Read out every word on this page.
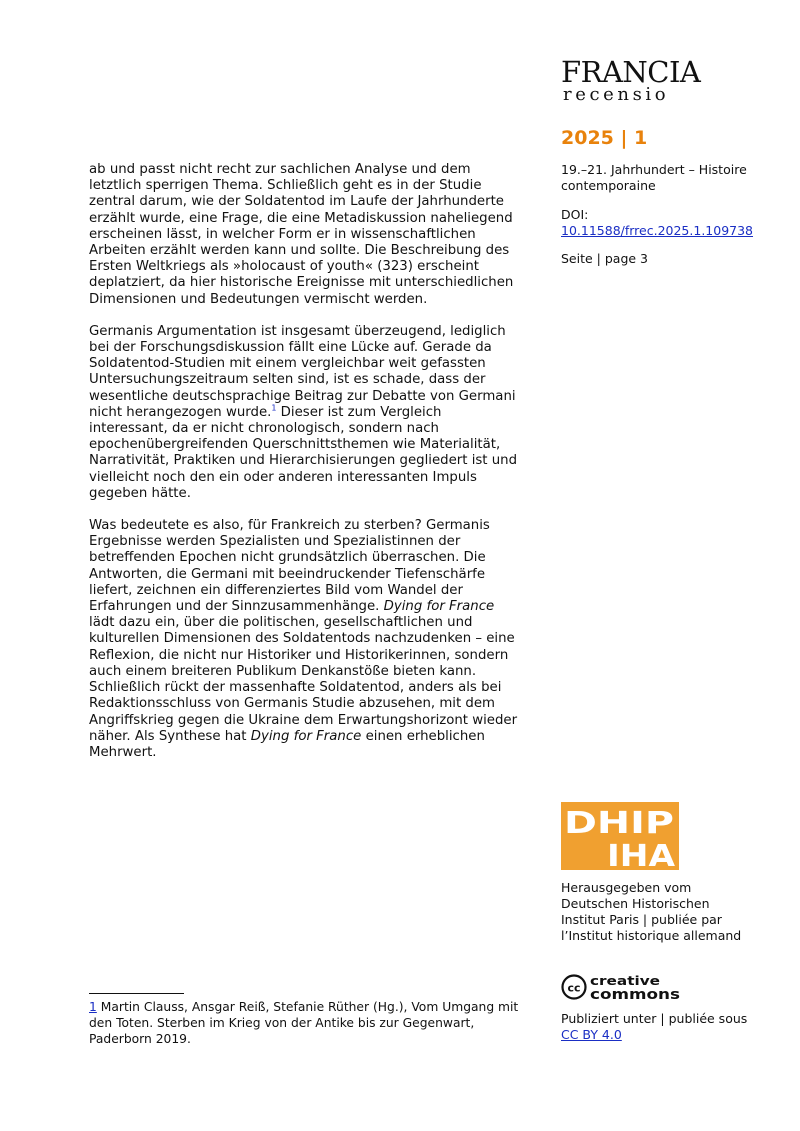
FRANCIA
recensio
2025 | 1
19.–21. Jahrhundert – Histoire contemporaine
DOI:
10.11588/frrec.2025.1.109738
Seite | page 3

ab und passt nicht recht zur sachlichen Analyse und dem letztlich sperrigen Thema. Schließlich geht es in der Studie zentral darum, wie der Soldatentod im Laufe der Jahrhunderte erzählt wurde, eine Frage, die eine Metadiskussion naheliegend erscheinen lässt, in welcher Form er in wissenschaftlichen Arbeiten erzählt werden kann und sollte. Die Beschreibung des Ersten Weltkriegs als »holocaust of youth« (323) erscheint deplatziert, da hier historische Ereignisse mit unterschiedlichen Dimensionen und Bedeutungen vermischt werden.

Germanis Argumentation ist insgesamt überzeugend, lediglich bei der Forschungsdiskussion fällt eine Lücke auf. Gerade da Soldatentod-Studien mit einem vergleichbar weit gefassten Untersuchungszeitraum selten sind, ist es schade, dass der wesentliche deutschsprachige Beitrag zur Debatte von Germani nicht herangezogen wurde.$^1$ Dieser ist zum Vergleich interessant, da er nicht chronologisch, sondern nach epochenübergreifenden Querschnittsthemen wie Materialität, Narrativität, Praktiken und Hierarchisierungen gegliedert ist und vielleicht noch den ein oder anderen interessanten Impuls gegeben hätte.

Was bedeutete es also, für Frankreich zu sterben? Germanis Ergebnisse werden Spezialisten und Spezialistinnen der betreffenden Epochen nicht grundsätzlich überraschen. Die Antworten, die Germani mit beeindruckender Tiefenschärfe liefert, zeichnen ein differenziertes Bild vom Wandel der Erfahrungen und der Sinnzusammenhänge. Dying for France lädt dazu ein, über die politischen, gesellschaftlichen und kulturellen Dimensionen des Soldatentods nachzudenken – eine Reflexion, die nicht nur Historiker und Historikerinnen, sondern auch einem breiteren Publikum Denkanstöße bieten kann. Schließlich rückt der massenhafte Soldatentod, anders als bei Redaktionsschluss von Germanis Studie abzusehen, mit dem Angriffskrieg gegen die Ukraine dem Erwartungshorizont wieder näher. Als Synthese hat Dying for France einen erheblichen Mehrwert.

DHIP
IHA
Herausgegeben vom Deutschen Historischen Institut Paris | publiée par l’Institut historique allemand
cc creative
commons
Publiziert unter | publiée sous
CC BY 4.0
1 Martin Clauss, Ansgar Reiß, Stefanie Rüther (Hg.), Vom Umgang mit den Toten. Sterben im Krieg von der Antike bis zur Gegenwart, Paderborn 2019.
